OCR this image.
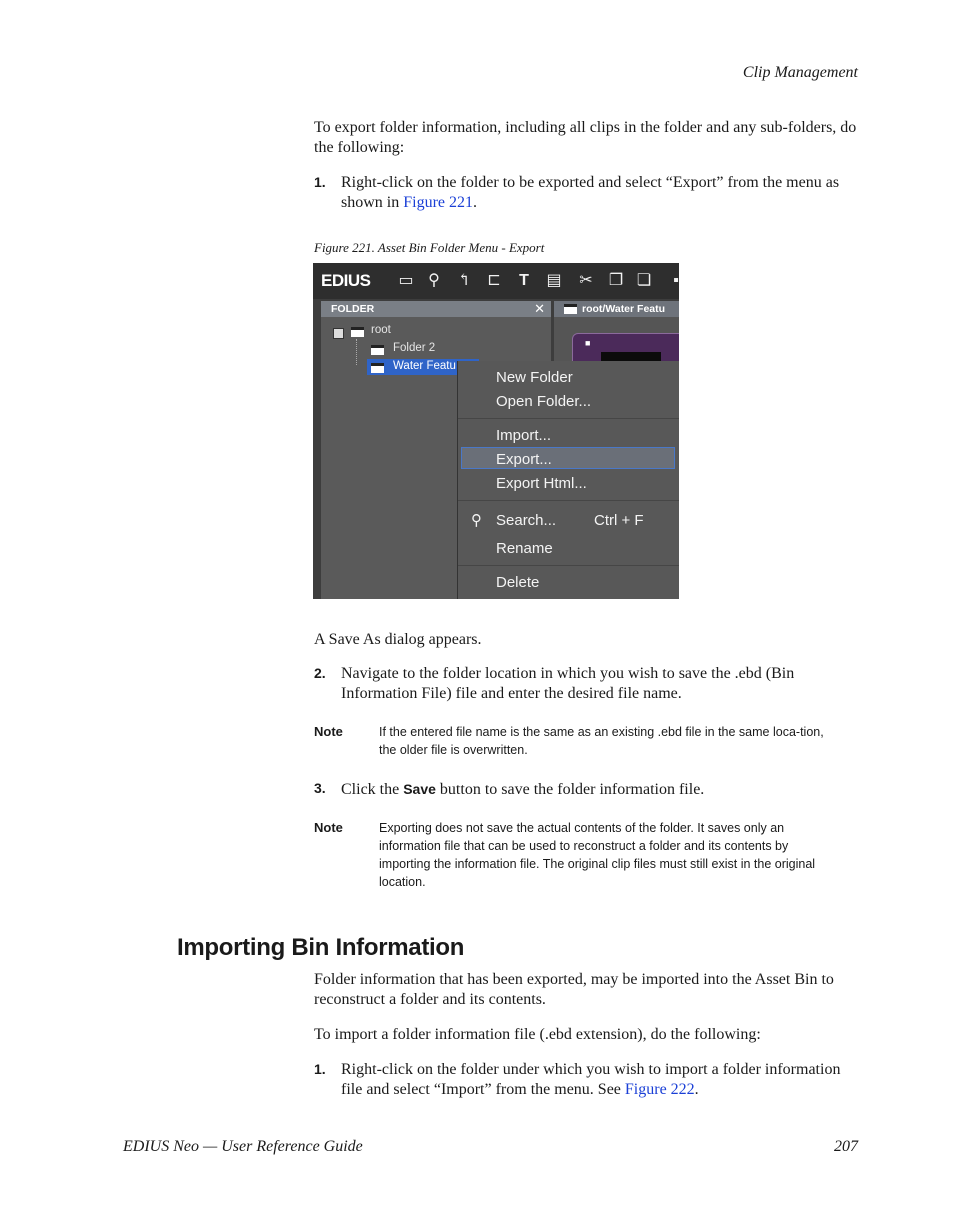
Clip Management
To export folder information, including all clips in the folder and any sub-folders, do the following:
1. Right-click on the folder to be exported and select “Export” from the menu as shown in Figure 221.
Figure 221. Asset Bin Folder Menu - Export
EDIUS ▭ ⚲ ↰ ⊏ T ▤ ✂ ❐ ❏	▪
FOLDER	✕
root
Folder 2
Water Featu
root/Water Featu
■
New Folder
Open Folder...
Import...
Export...
Export Html...
⚲ Search...	Ctrl + F
Rename
Delete
A Save As dialog appears.
2. Navigate to the folder location in which you wish to save the .ebd (Bin Information File) file and enter the desired file name.
Note	If the entered file name is the same as an existing .ebd file in the same loca-tion, the older file is overwritten.
3. Click the Save button to save the folder information file.
Note	Exporting does not save the actual contents of the folder. It saves only an information file that can be used to reconstruct a folder and its contents by importing the information file. The original clip files must still exist in the original location.
Importing Bin Information
Folder information that has been exported, may be imported into the Asset Bin to reconstruct a folder and its contents.
To import a folder information file (.ebd extension), do the following:
1. Right-click on the folder under which you wish to import a folder information file and select “Import” from the menu. See Figure 222.
EDIUS Neo — User Reference Guide	207
